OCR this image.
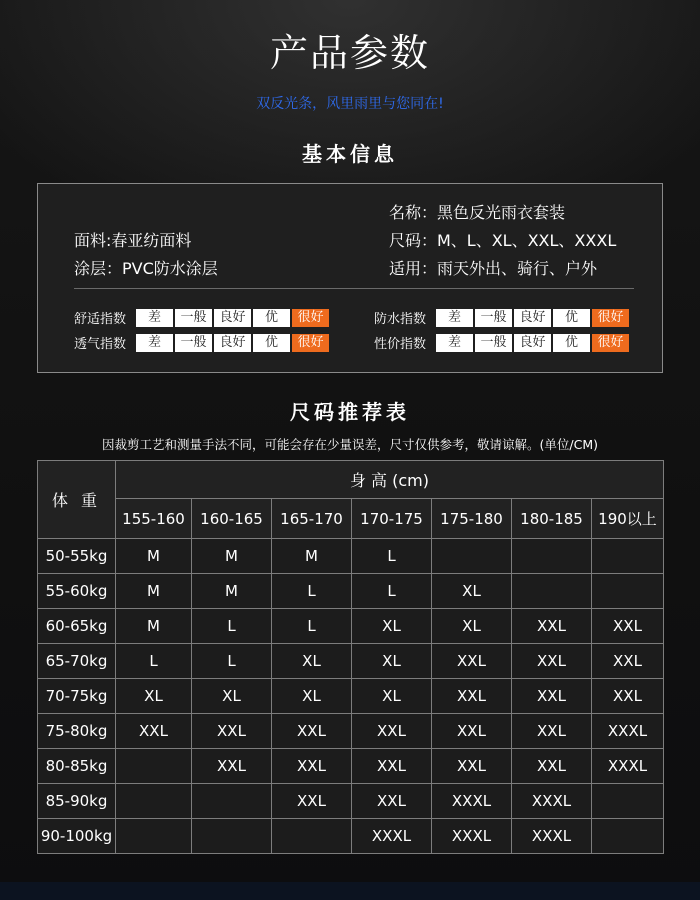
产品参数
双反光条，风里雨里与您同在!
基本信息
名称：黑色反光雨衣套装
面料:春亚纺面料	尺码：M、L、XL、XXL、XXXL
涂层：PVC防水涂层	适用：雨天外出、骑行、户外
舒适指数	差	一般 良好	优	很好
透气指数	差	一般 良好	优	很好
防水指数	差	一般 良好	优	很好
性价指数	差	一般 良好	优	很好
尺码推荐表
因裁剪工艺和测量手法不同，可能会存在少量误差，尺寸仅供参考，敬请谅解。(单位/CM)
体 重	身 高 (cm)						
	155-160	160-165	165-170	170-175	175-180	180-185	190以上
50-55kg	M	M	M	L			
55-60kg	M	M	L	L	XL		
60-65kg	M	L	L	XL	XL	XXL	XXL
65-70kg	L	L	XL	XL	XXL	XXL	XXL
70-75kg	XL	XL	XL	XL	XXL	XXL	XXL
75-80kg	XXL	XXL	XXL	XXL	XXL	XXL	XXXL
80-85kg		XXL	XXL	XXL	XXL	XXL	XXXL
85-90kg			XXL	XXL	XXXL	XXXL	
90-100kg				XXXL	XXXL	XXXL	
